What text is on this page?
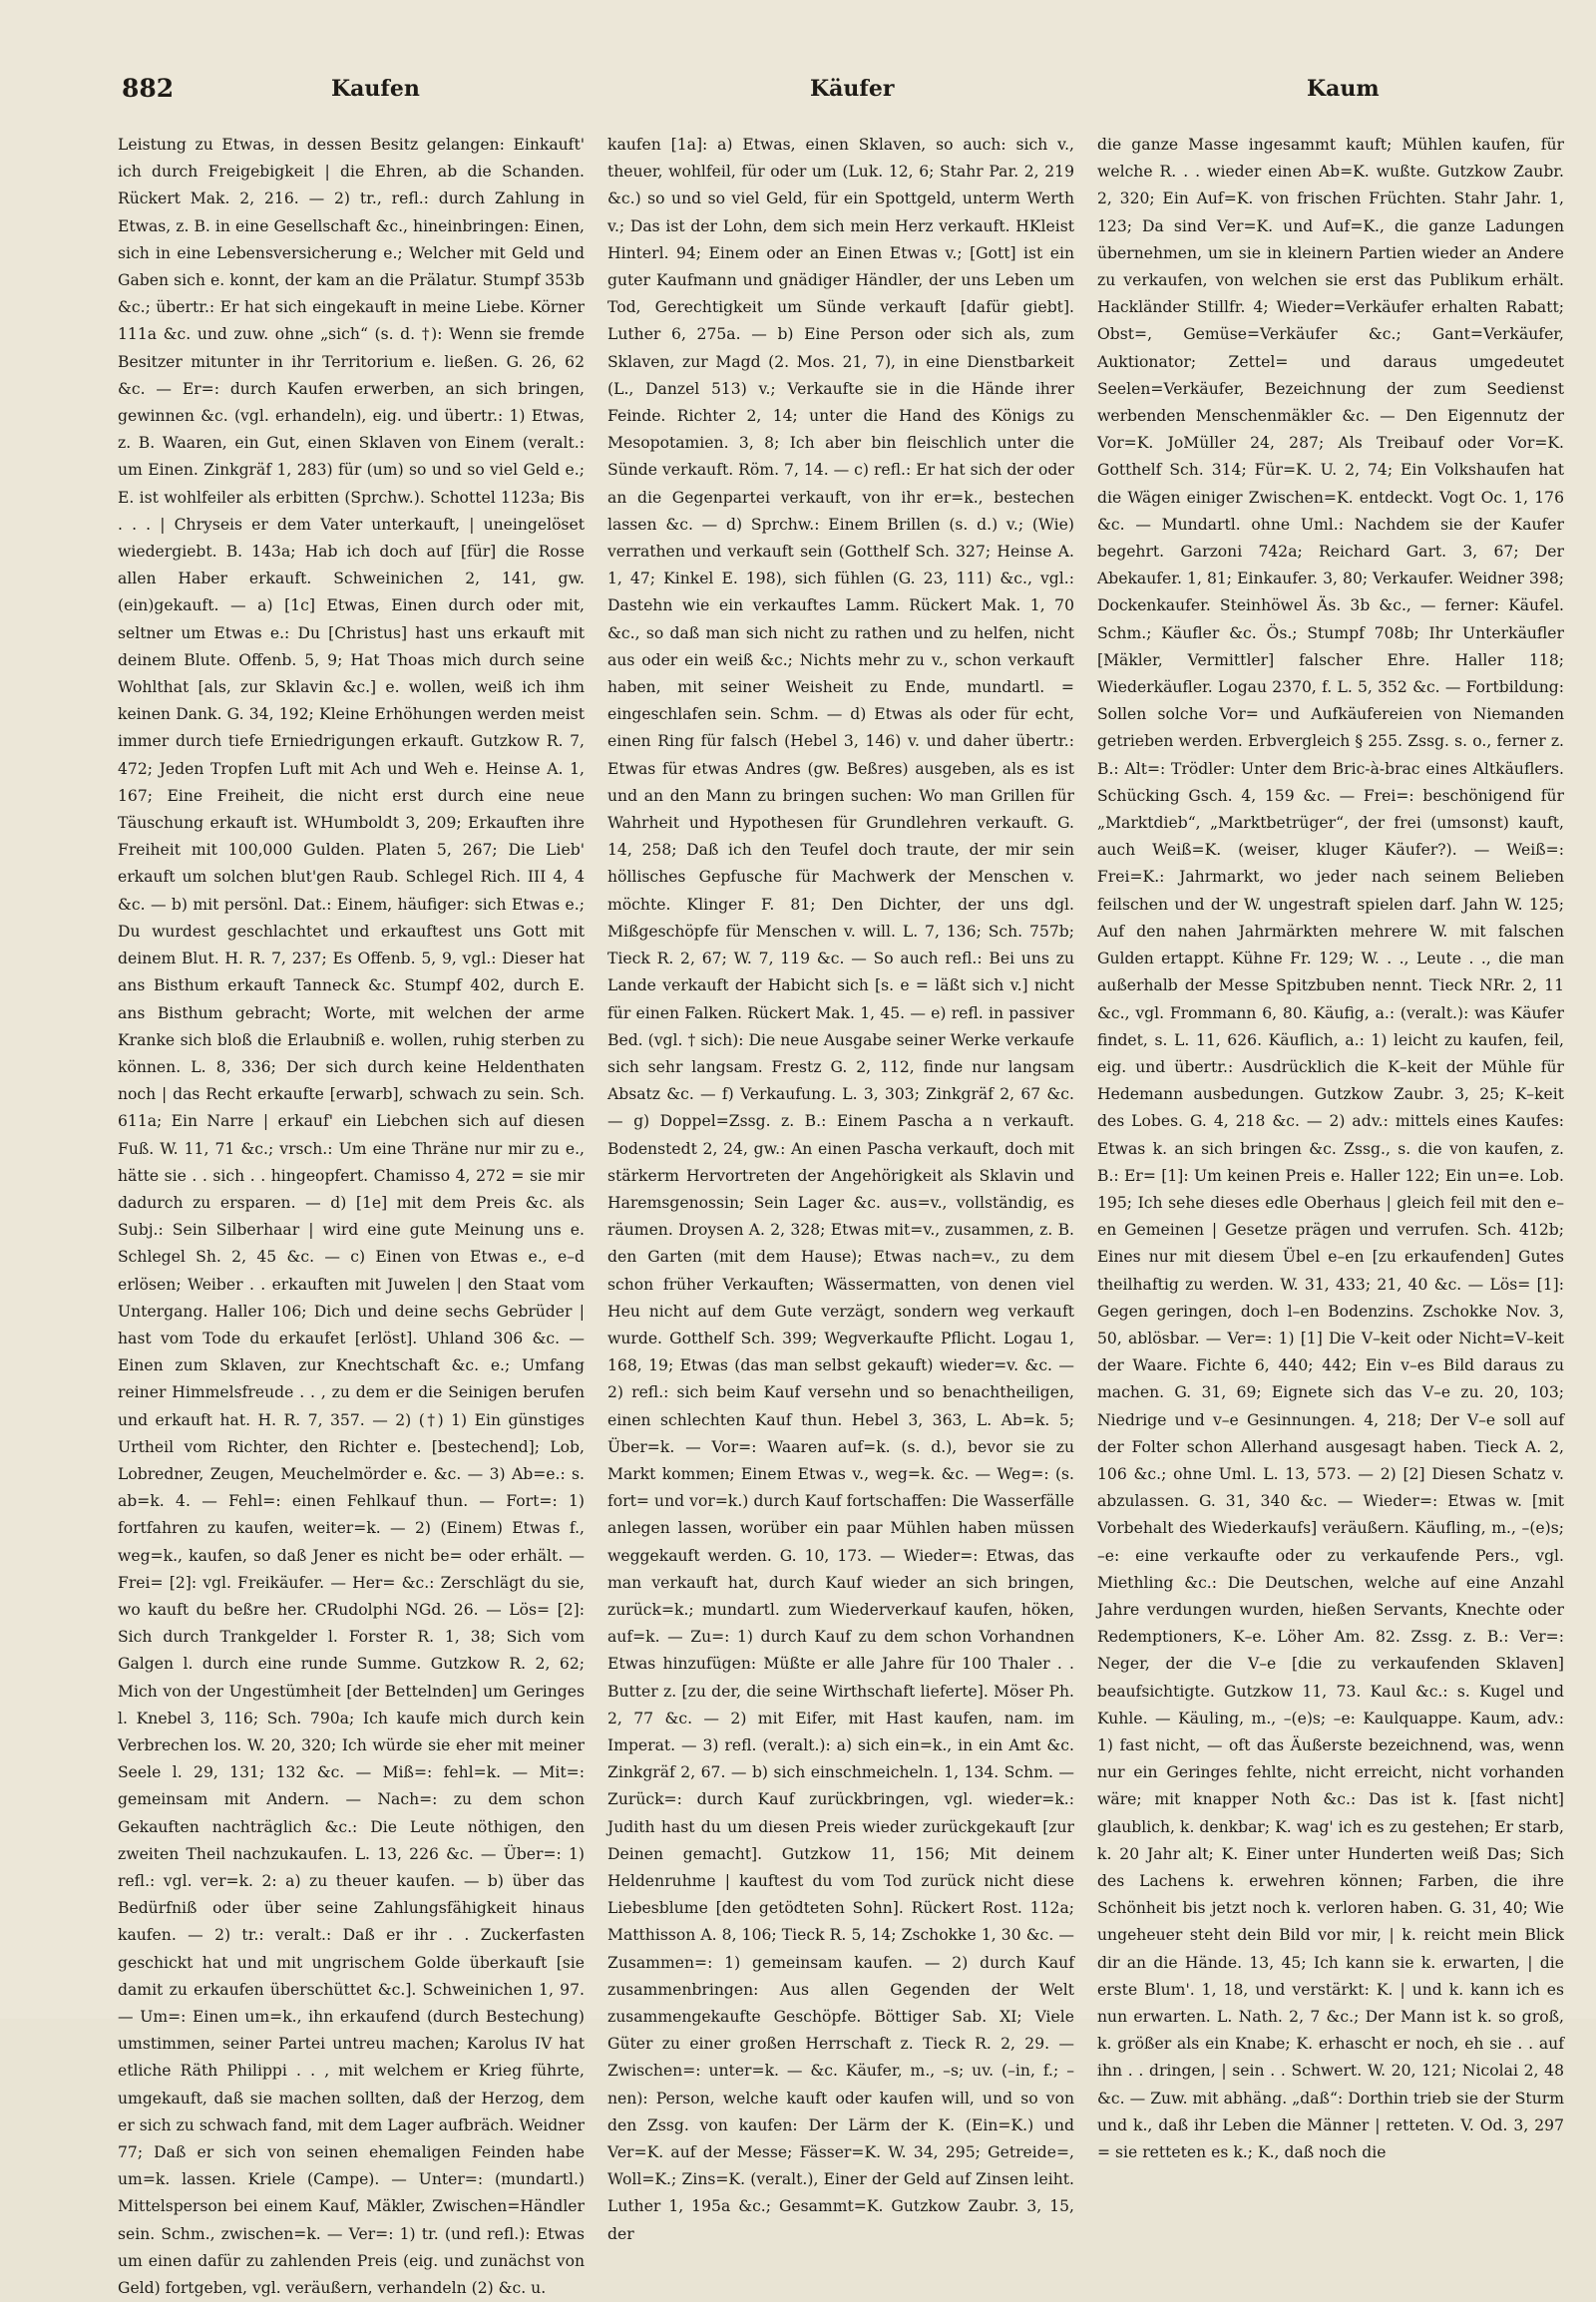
882	Kaufen	Käufer	Kaum

Leistung zu Etwas, in dessen Besitz gelangen: Einkauft' ich durch Freigebigkeit | die Ehren, ab die Schanden. Rückert Mak. 2, 216. — 2) tr., refl.: durch Zahlung in Etwas, z. B. in eine Gesellschaft &c., hineinbringen: Einen, sich in eine Lebensversicherung e.; Welcher mit Geld und Gaben sich e. konnt, der kam an die Prälatur. Stumpf 353b &c.; übertr.: Er hat sich eingekauft in meine Liebe. Körner 111a &c. und zuw. ohne „sich“ (s. d. †): Wenn sie fremde Besitzer mitunter in ihr Territorium e. ließen. G. 26, 62 &c. — Er=: durch Kaufen erwerben, an sich bringen, gewinnen &c. (vgl. erhandeln), eig. und übertr.: 1) Etwas, z. B. Waaren, ein Gut, einen Sklaven von Einem (veralt.: um Einen. Zinkgräf 1, 283) für (um) so und so viel Geld e.; E. ist wohlfeiler als erbitten (Sprchw.). Schottel 1123a; Bis . . . | Chryseis er dem Vater unterkauft, | uneingelöset wiedergiebt. B. 143a; Hab ich doch auf [für] die Rosse allen Haber erkauft. Schweinichen 2, 141, gw. (ein)gekauft. — a) [1c] Etwas, Einen durch oder mit, seltner um Etwas e.: Du [Christus] hast uns erkauft mit deinem Blute. Offenb. 5, 9; Hat Thoas mich durch seine Wohlthat [als, zur Sklavin &c.] e. wollen, weiß ich ihm keinen Dank. G. 34, 192; Kleine Erhöhungen werden meist immer durch tiefe Erniedrigungen erkauft. Gutzkow R. 7, 472; Jeden Tropfen Luft mit Ach und Weh e. Heinse A. 1, 167; Eine Freiheit, die nicht erst durch eine neue Täuschung erkauft ist. WHumboldt 3, 209; Erkauften ihre Freiheit mit 100,000 Gulden. Platen 5, 267; Die Lieb' erkauft um solchen blut'gen Raub. Schlegel Rich. III 4, 4 &c. — b) mit persönl. Dat.: Einem, häufiger: sich Etwas e.; Du wurdest geschlachtet und erkauftest uns Gott mit deinem Blut. H. R. 7, 237; Es Offenb. 5, 9, vgl.: Dieser hat ans Bisthum erkauft Tanneck &c. Stumpf 402, durch E. ans Bisthum gebracht; Worte, mit welchen der arme Kranke sich bloß die Erlaubniß e. wollen, ruhig sterben zu können. L. 8, 336; Der sich durch keine Heldenthaten noch | das Recht erkaufte [erwarb], schwach zu sein. Sch. 611a; Ein Narre | erkauf' ein Liebchen sich auf diesen Fuß. W. 11, 71 &c.; vrsch.: Um eine Thräne nur mir zu e., hätte sie . . sich . . hingeopfert. Chamisso 4, 272 = sie mir dadurch zu ersparen. — d) [1e] mit dem Preis &c. als Subj.: Sein Silberhaar | wird eine gute Meinung uns e. Schlegel Sh. 2, 45 &c. — c) Einen von Etwas e., e–d erlösen; Weiber . . erkauften mit Juwelen | den Staat vom Untergang. Haller 106; Dich und deine sechs Gebrüder | hast vom Tode du erkaufet [erlöst]. Uhland 306 &c. — Einen zum Sklaven, zur Knechtschaft &c. e.; Umfang reiner Himmelsfreude . . , zu dem er die Seinigen berufen und erkauft hat. H. R. 7, 357. — 2) (†) 1) Ein günstiges Urtheil vom Richter, den Richter e. [bestechend]; Lob, Lobredner, Zeugen, Meuchelmörder e. &c. — 3) Ab=e.: s. ab=k. 4. — Fehl=: einen Fehlkauf thun. — Fort=: 1) fortfahren zu kaufen, weiter=k. — 2) (Einem) Etwas f., weg=k., kaufen, so daß Jener es nicht be= oder erhält. — Frei= [2]: vgl. Freikäufer. — Her= &c.: Zerschlägt du sie, wo kauft du beßre her. CRudolphi NGd. 26. — Lös= [2]: Sich durch Trankgelder l. Forster R. 1, 38; Sich vom Galgen l. durch eine runde Summe. Gutzkow R. 2, 62; Mich von der Ungestümheit [der Bettelnden] um Geringes l. Knebel 3, 116; Sch. 790a; Ich kaufe mich durch kein Verbrechen los. W. 20, 320; Ich würde sie eher mit meiner Seele l. 29, 131; 132 &c. — Miß=: fehl=k. — Mit=: gemeinsam mit Andern. — Nach=: zu dem schon Gekauften nachträglich &c.: Die Leute nöthigen, den zweiten Theil nachzukaufen. L. 13, 226 &c. — Über=: 1) refl.: vgl. ver=k. 2: a) zu theuer kaufen. — b) über das Bedürfniß oder über seine Zahlungsfähigkeit hinaus kaufen. — 2) tr.: veralt.: Daß er ihr . . Zuckerfasten geschickt hat und mit ungrischem Golde überkauft [sie damit zu erkaufen überschüttet &c.]. Schweinichen 1, 97. — Um=: Einen um=k., ihn erkaufend (durch Bestechung) umstimmen, seiner Partei untreu machen; Karolus IV hat etliche Räth Philippi . . , mit welchem er Krieg führte, umgekauft, daß sie machen sollten, daß der Herzog, dem er sich zu schwach fand, mit dem Lager aufbräch. Weidner 77; Daß er sich von seinen ehemaligen Feinden habe um=k. lassen. Kriele (Campe). — Unter=: (mundartl.) Mittelsperson bei einem Kauf, Mäkler, Zwischen=Händler sein. Schm., zwischen=k. — Ver=: 1) tr. (und refl.): Etwas um einen dafür zu zahlenden Preis (eig. und zunächst von Geld) fortgeben, vgl. veräußern, verhandeln (2) &c. u.

kaufen [1a]: a) Etwas, einen Sklaven, so auch: sich v., theuer, wohlfeil, für oder um (Luk. 12, 6; Stahr Par. 2, 219 &c.) so und so viel Geld, für ein Spottgeld, unterm Werth v.; Das ist der Lohn, dem sich mein Herz verkauft. HKleist Hinterl. 94; Einem oder an Einen Etwas v.; [Gott] ist ein guter Kaufmann und gnädiger Händler, der uns Leben um Tod, Gerechtigkeit um Sünde verkauft [dafür giebt]. Luther 6, 275a. — b) Eine Person oder sich als, zum Sklaven, zur Magd (2. Mos. 21, 7), in eine Dienstbarkeit (L., Danzel 513) v.; Verkaufte sie in die Hände ihrer Feinde. Richter 2, 14; unter die Hand des Königs zu Mesopotamien. 3, 8; Ich aber bin fleischlich unter die Sünde verkauft. Röm. 7, 14. — c) refl.: Er hat sich der oder an die Gegenpartei verkauft, von ihr er=k., bestechen lassen &c. — d) Sprchw.: Einem Brillen (s. d.) v.; (Wie) verrathen und verkauft sein (Gotthelf Sch. 327; Heinse A. 1, 47; Kinkel E. 198), sich fühlen (G. 23, 111) &c., vgl.: Dastehn wie ein verkauftes Lamm. Rückert Mak. 1, 70 &c., so daß man sich nicht zu rathen und zu helfen, nicht aus oder ein weiß &c.; Nichts mehr zu v., schon verkauft haben, mit seiner Weisheit zu Ende, mundartl. = eingeschlafen sein. Schm. — d) Etwas als oder für echt, einen Ring für falsch (Hebel 3, 146) v. und daher übertr.: Etwas für etwas Andres (gw. Beßres) ausgeben, als es ist und an den Mann zu bringen suchen: Wo man Grillen für Wahrheit und Hypothesen für Grundlehren verkauft. G. 14, 258; Daß ich den Teufel doch traute, der mir sein höllisches Gepfusche für Machwerk der Menschen v. möchte. Klinger F. 81; Den Dichter, der uns dgl. Mißgeschöpfe für Menschen v. will. L. 7, 136; Sch. 757b; Tieck R. 2, 67; W. 7, 119 &c. — So auch refl.: Bei uns zu Lande verkauft der Habicht sich [s. e = läßt sich v.] nicht für einen Falken. Rückert Mak. 1, 45. — e) refl. in passiver Bed. (vgl. † sich): Die neue Ausgabe seiner Werke verkaufe sich sehr langsam. Frestz G. 2, 112, finde nur langsam Absatz &c. — f) Verkaufung. L. 3, 303; Zinkgräf 2, 67 &c. — g) Doppel=Zssg. z. B.: Einem Pascha a n verkauft. Bodenstedt 2, 24, gw.: An einen Pascha verkauft, doch mit stärkerm Hervortreten der Angehörigkeit als Sklavin und Haremsgenossin; Sein Lager &c. aus=v., vollständig, es räumen. Droysen A. 2, 328; Etwas mit=v., zusammen, z. B. den Garten (mit dem Hause); Etwas nach=v., zu dem schon früher Verkauften; Wässermatten, von denen viel Heu nicht auf dem Gute verzägt, sondern weg verkauft wurde. Gotthelf Sch. 399; Wegverkaufte Pflicht. Logau 1, 168, 19; Etwas (das man selbst gekauft) wieder=v. &c. — 2) refl.: sich beim Kauf versehn und so benachtheiligen, einen schlechten Kauf thun. Hebel 3, 363, L. Ab=k. 5; Über=k. — Vor=: Waaren auf=k. (s. d.), bevor sie zu Markt kommen; Einem Etwas v., weg=k. &c. — Weg=: (s. fort= und vor=k.) durch Kauf fortschaffen: Die Wasserfälle anlegen lassen, worüber ein paar Mühlen haben müssen weggekauft werden. G. 10, 173. — Wieder=: Etwas, das man verkauft hat, durch Kauf wieder an sich bringen, zurück=k.; mundartl. zum Wiederverkauf kaufen, höken, auf=k. — Zu=: 1) durch Kauf zu dem schon Vorhandnen Etwas hinzufügen: Müßte er alle Jahre für 100 Thaler . . Butter z. [zu der, die seine Wirthschaft lieferte]. Möser Ph. 2, 77 &c. — 2) mit Eifer, mit Hast kaufen, nam. im Imperat. — 3) refl. (veralt.): a) sich ein=k., in ein Amt &c. Zinkgräf 2, 67. — b) sich einschmeicheln. 1, 134. Schm. — Zurück=: durch Kauf zurückbringen, vgl. wieder=k.: Judith hast du um diesen Preis wieder zurückgekauft [zur Deinen gemacht]. Gutzkow 11, 156; Mit deinem Heldenruhme | kauftest du vom Tod zurück nicht diese Liebesblume [den getödteten Sohn]. Rückert Rost. 112a; Matthisson A. 8, 106; Tieck R. 5, 14; Zschokke 1, 30 &c. — Zusammen=: 1) gemeinsam kaufen. — 2) durch Kauf zusammenbringen: Aus allen Gegenden der Welt zusammengekaufte Geschöpfe. Böttiger Sab. XI; Viele Güter zu einer großen Herrschaft z. Tieck R. 2, 29. — Zwischen=: unter=k. — &c. Käufer, m., –s; uv. (–in, f.; –nen): Person, welche kauft oder kaufen will, und so von den Zssg. von kaufen: Der Lärm der K. (Ein=K.) und Ver=K. auf der Messe; Fässer=K. W. 34, 295; Getreide=, Woll=K.; Zins=K. (veralt.), Einer der Geld auf Zinsen leiht. Luther 1, 195a &c.; Gesammt=K. Gutzkow Zaubr. 3, 15, der

die ganze Masse ingesammt kauft; Mühlen kaufen, für welche R. . . wieder einen Ab=K. wußte. Gutzkow Zaubr. 2, 320; Ein Auf=K. von frischen Früchten. Stahr Jahr. 1, 123; Da sind Ver=K. und Auf=K., die ganze Ladungen übernehmen, um sie in kleinern Partien wieder an Andere zu verkaufen, von welchen sie erst das Publikum erhält. Hackländer Stillfr. 4; Wieder=Verkäufer erhalten Rabatt; Obst=, Gemüse=Verkäufer &c.; Gant=Verkäufer, Auktionator; Zettel= und daraus umgedeutet Seelen=Verkäufer, Bezeichnung der zum Seedienst werbenden Menschenmäkler &c. — Den Eigennutz der Vor=K. JoMüller 24, 287; Als Treibauf oder Vor=K. Gotthelf Sch. 314; Für=K. U. 2, 74; Ein Volkshaufen hat die Wägen einiger Zwischen=K. entdeckt. Vogt Oc. 1, 176 &c. — Mundartl. ohne Uml.: Nachdem sie der Kaufer begehrt. Garzoni 742a; Reichard Gart. 3, 67; Der Abekaufer. 1, 81; Einkaufer. 3, 80; Verkaufer. Weidner 398; Dockenkaufer. Steinhöwel Äs. 3b &c., — ferner: Käufel. Schm.; Käufler &c. Ös.; Stumpf 708b; Ihr Unterkäufler [Mäkler, Vermittler] falscher Ehre. Haller 118; Wiederkäufler. Logau 2370, f. L. 5, 352 &c. — Fortbildung: Sollen solche Vor= und Aufkäufereien von Niemanden getrieben werden. Erbvergleich § 255. Zssg. s. o., ferner z. B.: Alt=: Trödler: Unter dem Bric-à-brac eines Altkäuflers. Schücking Gsch. 4, 159 &c. — Frei=: beschönigend für „Marktdieb“, „Marktbetrüger“, der frei (umsonst) kauft, auch Weiß=K. (weiser, kluger Käufer?). — Weiß=: Frei=K.: Jahrmarkt, wo jeder nach seinem Belieben feilschen und der W. ungestraft spielen darf. Jahn W. 125; Auf den nahen Jahrmärkten mehrere W. mit falschen Gulden ertappt. Kühne Fr. 129; W. . ., Leute . ., die man außerhalb der Messe Spitzbuben nennt. Tieck NRr. 2, 11 &c., vgl. Frommann 6, 80. Käufig, a.: (veralt.): was Käufer findet, s. L. 11, 626. Käuflich, a.: 1) leicht zu kaufen, feil, eig. und übertr.: Ausdrücklich die K–keit der Mühle für Hedemann ausbedungen. Gutzkow Zaubr. 3, 25; K–keit des Lobes. G. 4, 218 &c. — 2) adv.: mittels eines Kaufes: Etwas k. an sich bringen &c. Zssg., s. die von kaufen, z. B.: Er= [1]: Um keinen Preis e. Haller 122; Ein un=e. Lob. 195; Ich sehe dieses edle Oberhaus | gleich feil mit den e–en Gemeinen | Gesetze prägen und verrufen. Sch. 412b; Eines nur mit diesem Übel e–en [zu erkaufenden] Gutes theilhaftig zu werden. W. 31, 433; 21, 40 &c. — Lös= [1]: Gegen geringen, doch l–en Bodenzins. Zschokke Nov. 3, 50, ablösbar. — Ver=: 1) [1] Die V–keit oder Nicht=V–keit der Waare. Fichte 6, 440; 442; Ein v–es Bild daraus zu machen. G. 31, 69; Eignete sich das V–e zu. 20, 103; Niedrige und v–e Gesinnungen. 4, 218; Der V–e soll auf der Folter schon Allerhand ausgesagt haben. Tieck A. 2, 106 &c.; ohne Uml. L. 13, 573. — 2) [2] Diesen Schatz v. abzulassen. G. 31, 340 &c. — Wieder=: Etwas w. [mit Vorbehalt des Wiederkaufs] veräußern. Käufling, m., –(e)s; –e: eine verkaufte oder zu verkaufende Pers., vgl. Miethling &c.: Die Deutschen, welche auf eine Anzahl Jahre verdungen wurden, hießen Servants, Knechte oder Redemptioners, K–e. Löher Am. 82. Zssg. z. B.: Ver=: Neger, der die V–e [die zu verkaufenden Sklaven] beaufsichtigte. Gutzkow 11, 73. Kaul &c.: s. Kugel und Kuhle. — Käuling, m., –(e)s; –e: Kaulquappe. Kaum, adv.: 1) fast nicht, — oft das Äußerste bezeichnend, was, wenn nur ein Geringes fehlte, nicht erreicht, nicht vorhanden wäre; mit knapper Noth &c.: Das ist k. [fast nicht] glaublich, k. denkbar; K. wag' ich es zu gestehen; Er starb, k. 20 Jahr alt; K. Einer unter Hunderten weiß Das; Sich des Lachens k. erwehren können; Farben, die ihre Schönheit bis jetzt noch k. verloren haben. G. 31, 40; Wie ungeheuer steht dein Bild vor mir, | k. reicht mein Blick dir an die Hände. 13, 45; Ich kann sie k. erwarten, | die erste Blum'. 1, 18, und verstärkt: K. | und k. kann ich es nun erwarten. L. Nath. 2, 7 &c.; Der Mann ist k. so groß, k. größer als ein Knabe; K. erhascht er noch, eh sie . . auf ihn . . dringen, | sein . . Schwert. W. 20, 121; Nicolai 2, 48 &c. — Zuw. mit abhäng. „daß“: Dorthin trieb sie der Sturm und k., daß ihr Leben die Männer | retteten. V. Od. 3, 297 = sie retteten es k.; K., daß noch die
